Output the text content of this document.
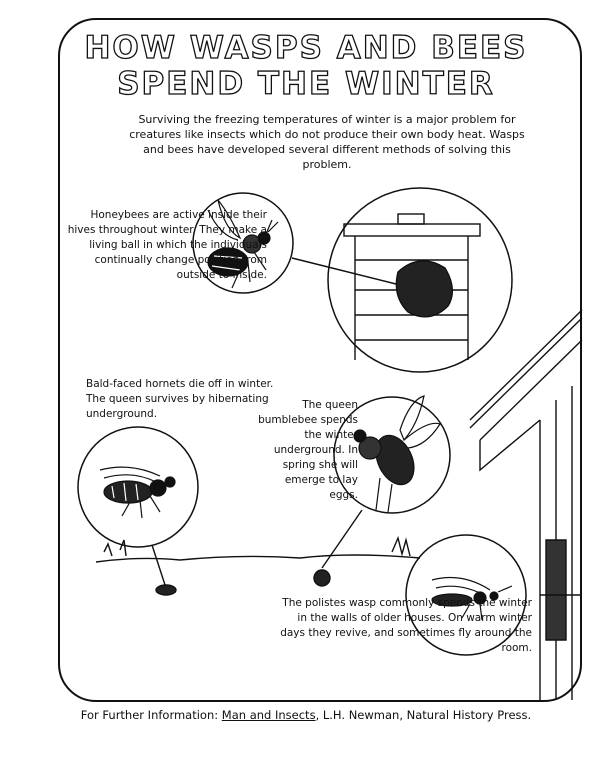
HOW WASPS AND BEES
SPEND THE WINTER
Surviving the freezing temperatures of winter is a major problem for creatures like insects which do not produce their own body heat. Wasps and bees have developed several different methods of solving this problem.
Honeybees are active inside their hives throughout winter. They make a living ball in which the individuals continually change position from outside to inside.
Bald-faced hornets die off in winter. The queen survives by hibernating underground.
The queen bumblebee spends the winter underground. In spring she will emerge to lay eggs.
The polistes wasp commonly spends the winter in the walls of older houses. On warm winter days they revive, and sometimes fly around the room.
For Further Information: Man and Insects, L.H. Newman, Natural History Press.
